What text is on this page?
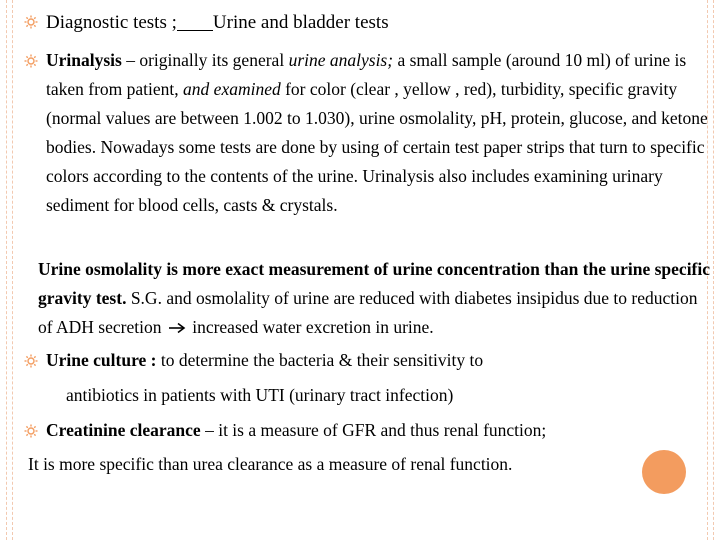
Diagnostic tests ; Urine and bladder tests
Urinalysis – originally its general urine analysis; a small sample (around 10 ml) of urine is taken from patient, and examined for color (clear , yellow , red), turbidity, specific gravity (normal values are between 1.002 to 1.030), urine osmolality, pH, protein, glucose, and ketone bodies. Nowadays some tests are done by using of certain test paper strips that turn to specific colors according to the contents of the urine. Urinalysis also includes examining urinary sediment for blood cells, casts & crystals.
Urine osmolality is more exact measurement of urine concentration than the urine specific gravity test. S.G. and osmolality of urine are reduced with diabetes insipidus due to reduction of ADH secretion  increased water excretion in urine.
Urine culture : to determine the bacteria & their sensitivity to
antibiotics in patients with UTI (urinary tract infection)
Creatinine clearance – it is a measure of GFR and thus renal function;
It is more specific than urea clearance as a measure of renal function.
